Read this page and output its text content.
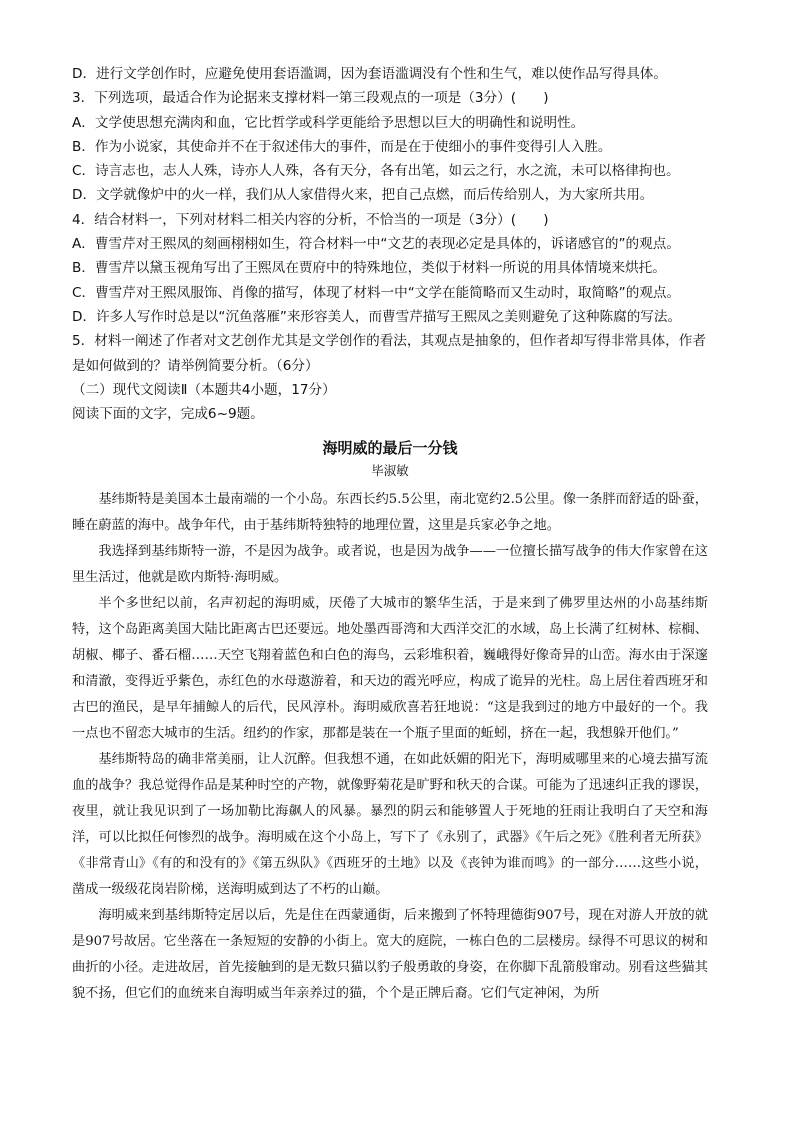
D．进行文学创作时，应避免使用套语滥调，因为套语滥调没有个性和生气，难以使作品写得具体。

3．下列选项，最适合作为论据来支撑材料一第三段观点的一项是（3分）(　　)

A．文学使思想充满肉和血，它比哲学或科学更能给予思想以巨大的明确性和说明性。

B．作为小说家，其使命并不在于叙述伟大的事件，而是在于使细小的事件变得引人入胜。

C．诗言志也，志人人殊，诗亦人人殊，各有天分，各有出笔，如云之行，水之流，未可以格律拘也。

D．文学就像炉中的火一样，我们从人家借得火来，把自己点燃，而后传给别人，为大家所共用。

4．结合材料一，下列对材料二相关内容的分析，不恰当的一项是（3分）(　　)

A．曹雪芹对王熙凤的刻画栩栩如生，符合材料一中“文艺的表现必定是具体的，诉诸感官的”的观点。

B．曹雪芹以黛玉视角写出了王熙凤在贾府中的特殊地位，类似于材料一所说的用具体情境来烘托。

C．曹雪芹对王熙凤服饰、肖像的描写，体现了材料一中“文学在能简略而又生动时，取简略”的观点。

D．许多人写作时总是以“沉鱼落雁”来形容美人，而曹雪芹描写王熙凤之美则避免了这种陈腐的写法。

5．材料一阐述了作者对文艺创作尤其是文学创作的看法，其观点是抽象的，但作者却写得非常具体，作者是如何做到的？请举例简要分析。（6分）

（二）现代文阅读Ⅱ（本题共4小题，17分）

阅读下面的文字，完成6~9题。

海明威的最后一分钱
毕淑敏

基纬斯特是美国本土最南端的一个小岛。东西长约5.5公里，南北宽约2.5公里。像一条胖而舒适的卧蚕，睡在蔚蓝的海中。战争年代，由于基纬斯特独特的地理位置，这里是兵家必争之地。

我选择到基纬斯特一游，不是因为战争。或者说，也是因为战争——一位擅长描写战争的伟大作家曾在这里生活过，他就是欧内斯特·海明威。

半个多世纪以前，名声初起的海明威，厌倦了大城市的繁华生活，于是来到了佛罗里达州的小岛基纬斯特，这个岛距离美国大陆比距离古巴还要远。地处墨西哥湾和大西洋交汇的水域，岛上长满了红树林、棕榈、胡椒、椰子、番石榴……天空飞翔着蓝色和白色的海鸟，云彩堆积着，巍峨得好像奇异的山峦。海水由于深邃和清澈，变得近乎紫色，赤红色的水母遨游着，和天边的霞光呼应，构成了诡异的光柱。岛上居住着西班牙和古巴的渔民，是早年捕鲸人的后代，民风淳朴。海明威欣喜若狂地说：“这是我到过的地方中最好的一个。我一点也不留恋大城市的生活。纽约的作家，那都是装在一个瓶子里面的蚯蚓，挤在一起，我想躲开他们。”

基纬斯特岛的确非常美丽，让人沉醉。但我想不通，在如此妖媚的阳光下，海明威哪里来的心境去描写流血的战争？我总觉得作品是某种时空的产物，就像野菊花是旷野和秋天的合谋。可能为了迅速纠正我的谬误，夜里，就让我见识到了一场加勒比海飙人的风暴。暴烈的阴云和能够置人于死地的狂雨让我明白了天空和海洋，可以比拟任何惨烈的战争。海明威在这个小岛上，写下了《永别了，武器》《午后之死》《胜利者无所获》《非常青山》《有的和没有的》《第五纵队》《西班牙的土地》以及《丧钟为谁而鸣》的一部分……这些小说，凿成一级级花岗岩阶梯，送海明威到达了不朽的山巅。

海明威来到基纬斯特定居以后，先是住在西蒙通街，后来搬到了怀特理德街907号，现在对游人开放的就是907号故居。它坐落在一条短短的安静的小街上。宽大的庭院，一栋白色的二层楼房。绿得不可思议的树和曲折的小径。走进故居，首先接触到的是无数只猫以豹子般勇敢的身姿，在你脚下乱箭般窜动。别看这些猫其貌不扬，但它们的血统来自海明威当年亲养过的猫，个个是正牌后裔。它们气定神闲，为所
